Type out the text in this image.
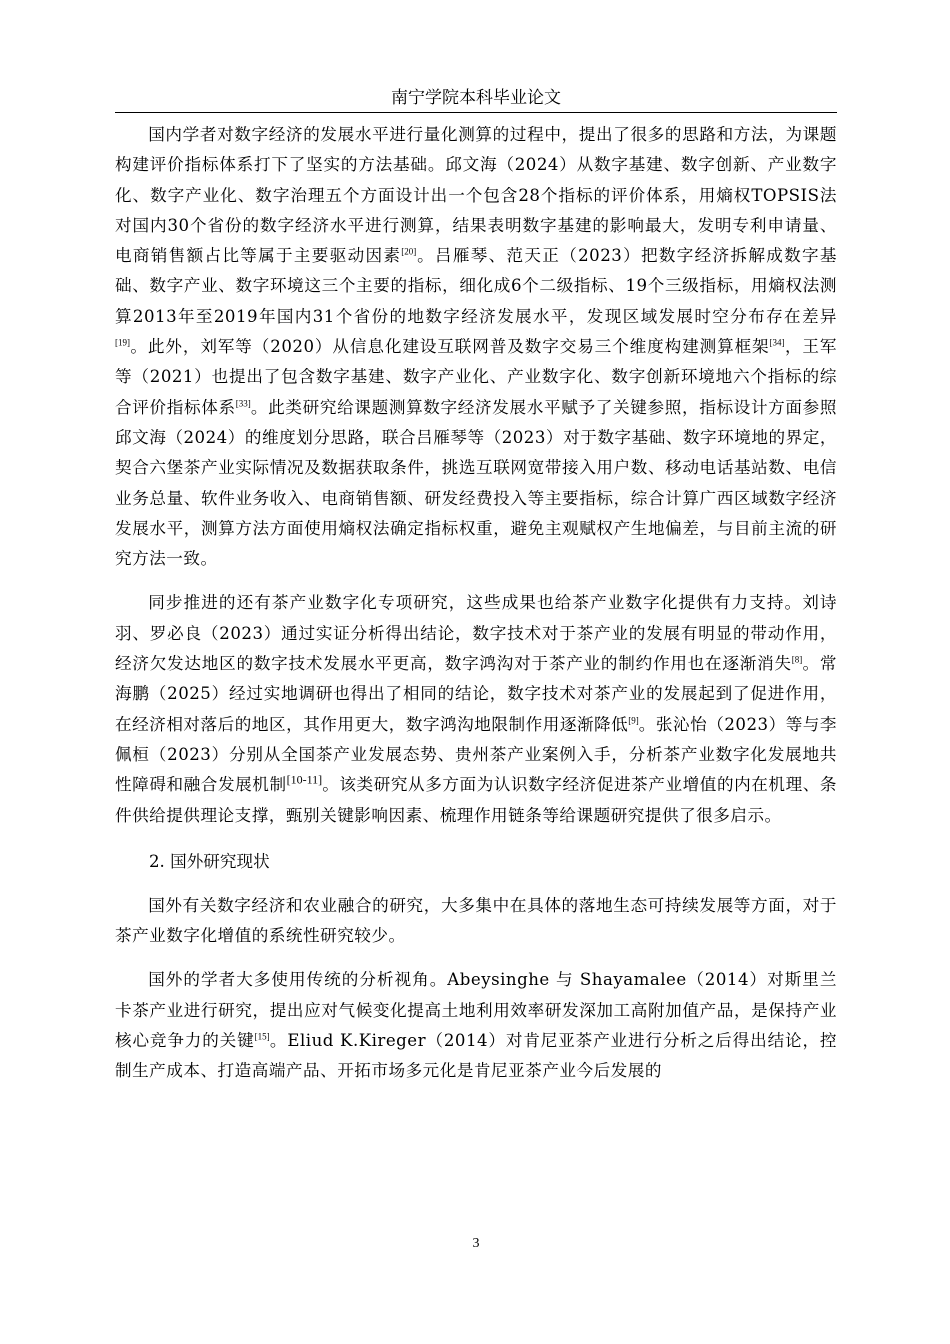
南宁学院本科毕业论文

国内学者对数字经济的发展水平进行量化测算的过程中，提出了很多的思路和方法，为课题构建评价指标体系打下了坚实的方法基础。邱文海（2024）从数字基建、数字创新、产业数字化、数字产业化、数字治理五个方面设计出一个包含28个指标的评价体系，用熵权TOPSIS法对国内30个省份的数字经济水平进行测算，结果表明数字基建的影响最大，发明专利申请量、电商销售额占比等属于主要驱动因素[20]。吕雁琴、范天正（2023）把数字经济拆解成数字基础、数字产业、数字环境这三个主要的指标，细化成6个二级指标、19个三级指标，用熵权法测算2013年至2019年国内31个省份的地数字经济发展水平，发现区域发展时空分布存在差异[19]。此外，刘军等（2020）从信息化建设互联网普及数字交易三个维度构建测算框架[34]，王军等（2021）也提出了包含数字基建、数字产业化、产业数字化、数字创新环境地六个指标的综合评价指标体系[33]。此类研究给课题测算数字经济发展水平赋予了关键参照，指标设计方面参照邱文海（2024）的维度划分思路，联合吕雁琴等（2023）对于数字基础、数字环境地的界定，契合六堡茶产业实际情况及数据获取条件，挑选互联网宽带接入用户数、移动电话基站数、电信业务总量、软件业务收入、电商销售额、研发经费投入等主要指标，综合计算广西区域数字经济发展水平，测算方法方面使用熵权法确定指标权重，避免主观赋权产生地偏差，与目前主流的研究方法一致。

同步推进的还有茶产业数字化专项研究，这些成果也给茶产业数字化提供有力支持。刘诗羽、罗必良（2023）通过实证分析得出结论，数字技术对于茶产业的发展有明显的带动作用，经济欠发达地区的数字技术发展水平更高，数字鸿沟对于茶产业的制约作用也在逐渐消失[8]。常海鹏（2025）经过实地调研也得出了相同的结论，数字技术对茶产业的发展起到了促进作用，在经济相对落后的地区，其作用更大，数字鸿沟地限制作用逐渐降低[9]。张沁怡（2023）等与李佩桓（2023）分别从全国茶产业发展态势、贵州茶产业案例入手，分析茶产业数字化发展地共性障碍和融合发展机制[10-11]。该类研究从多方面为认识数字经济促进茶产业增值的内在机理、条件供给提供理论支撑，甄别关键影响因素、梳理作用链条等给课题研究提供了很多启示。

2. 国外研究现状

国外有关数字经济和农业融合的研究，大多集中在具体的落地生态可持续发展等方面，对于茶产业数字化增值的系统性研究较少。

国外的学者大多使用传统的分析视角。Abeysinghe 与 Shayamalee（2014）对斯里兰卡茶产业进行研究，提出应对气候变化提高土地利用效率研发深加工高附加值产品，是保持产业核心竞争力的关键[15]。Eliud K.Kireger（2014）对肯尼亚茶产业进行分析之后得出结论，控制生产成本、打造高端产品、开拓市场多元化是肯尼亚茶产业今后发展的

3
